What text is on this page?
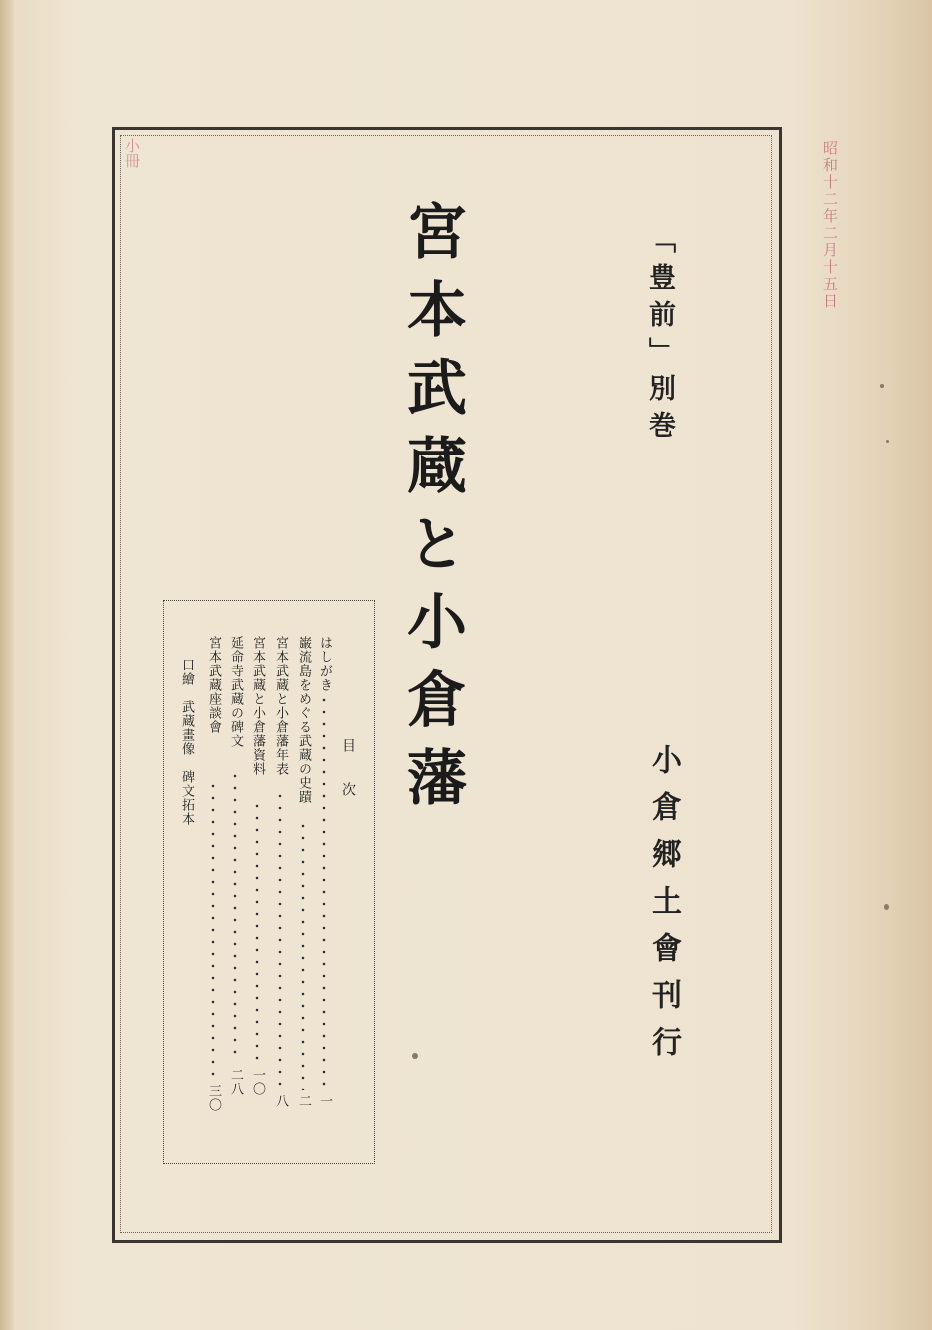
昭和十二年二月十五日
小冊
「豊前」別巻
宮本武蔵と小倉藩
小倉郷土會刊行
目次
はしがき
一
巌流島をめぐる武蔵の史蹟
二
宮本武蔵と小倉藩年表
八
宮本武蔵と小倉藩資料
一〇
延命寺武蔵の碑文
二八
宮本武蔵座談會
三〇
口繪　武蔵畫像　碑文拓本
